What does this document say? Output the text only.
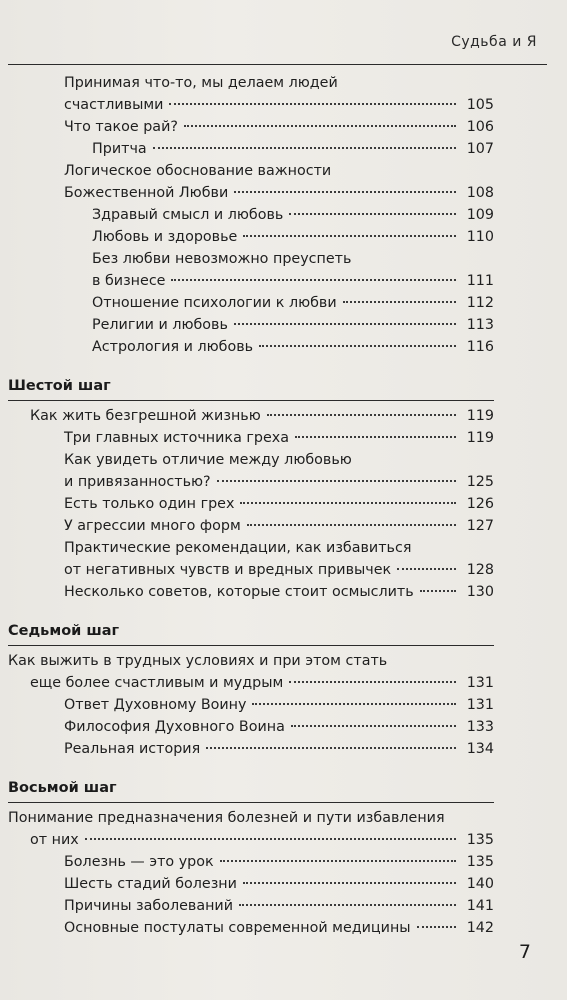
Судьба и Я
Принимая что-то, мы делаем людей
счастливыми	105
Что такое рай?	106
Притча	107
Логическое обоснование важности
Божественной Любви	108
Здравый смысл и любовь	109
Любовь и здоровье	110
Без любви невозможно преуспеть
в бизнесе	111
Отношение психологии к любви	112
Религии и любовь	113
Астрология и любовь	116
Шестой шаг
Как жить безгрешной жизнью	119
Три главных источника греха	119
Как увидеть отличие между любовью
и привязанностью?	125
Есть только один грех	126
У агрессии много форм	127
Практические рекомендации, как избавиться
от негативных чувств и вредных привычек	128
Несколько советов, которые стоит осмыслить	130
Седьмой шаг
Как выжить в трудных условиях и при этом стать
еще более счастливым и мудрым	131
Ответ Духовному Воину	131
Философия Духовного Воина	133
Реальная история	134
Восьмой шаг
Понимание предназначения болезней и пути избавления
от них	135
Болезнь — это урок	135
Шесть стадий болезни	140
Причины заболеваний	141
Основные постулаты современной медицины	142
7
